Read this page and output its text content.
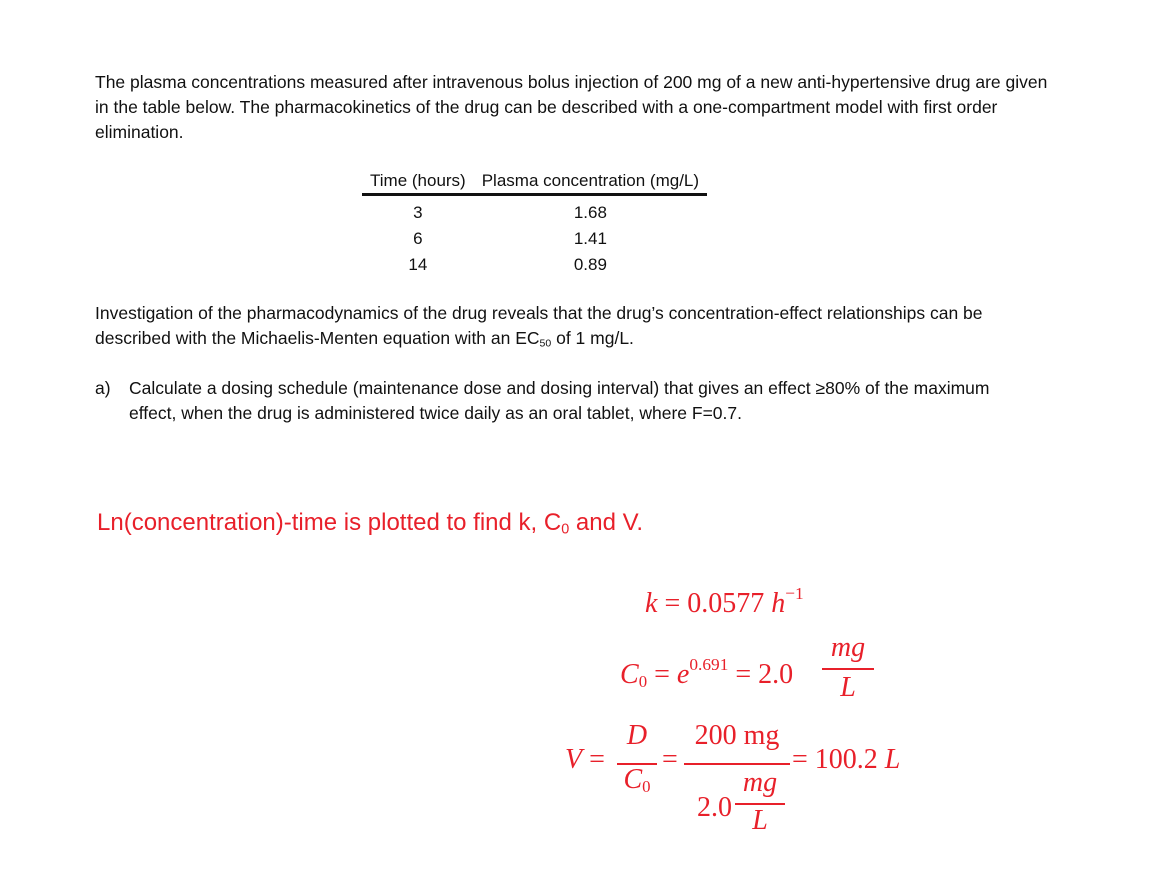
The plasma concentrations measured after intravenous bolus injection of 200 mg of a new anti-hypertensive drug are given in the table below. The pharmacokinetics of the drug can be described with a one-compartment model with first order elimination.
Time (hours)	Plasma concentration (mg/L)
3	1.68
6	1.41
14	0.89
Investigation of the pharmacodynamics of the drug reveals that the drug’s concentration-effect relationships can be described with the Michaelis-Menten equation with an $EC_{50}$ of 1 mg/L.
a) Calculate a dosing schedule (maintenance dose and dosing interval) that gives an effect ≥80% of the maximum effect, when the drug is administered twice daily as an oral tablet, where F=0.7.
Ln(concentration)-time is plotted to find k, $C_0$ and V.
k = 0.0577 $h^{-1}$
$C_0 = e^{0.691} = 2.0$
mg
L
V =
D
$C_0$
=
200 mg
2.0
mg
L
= 100.2 L
